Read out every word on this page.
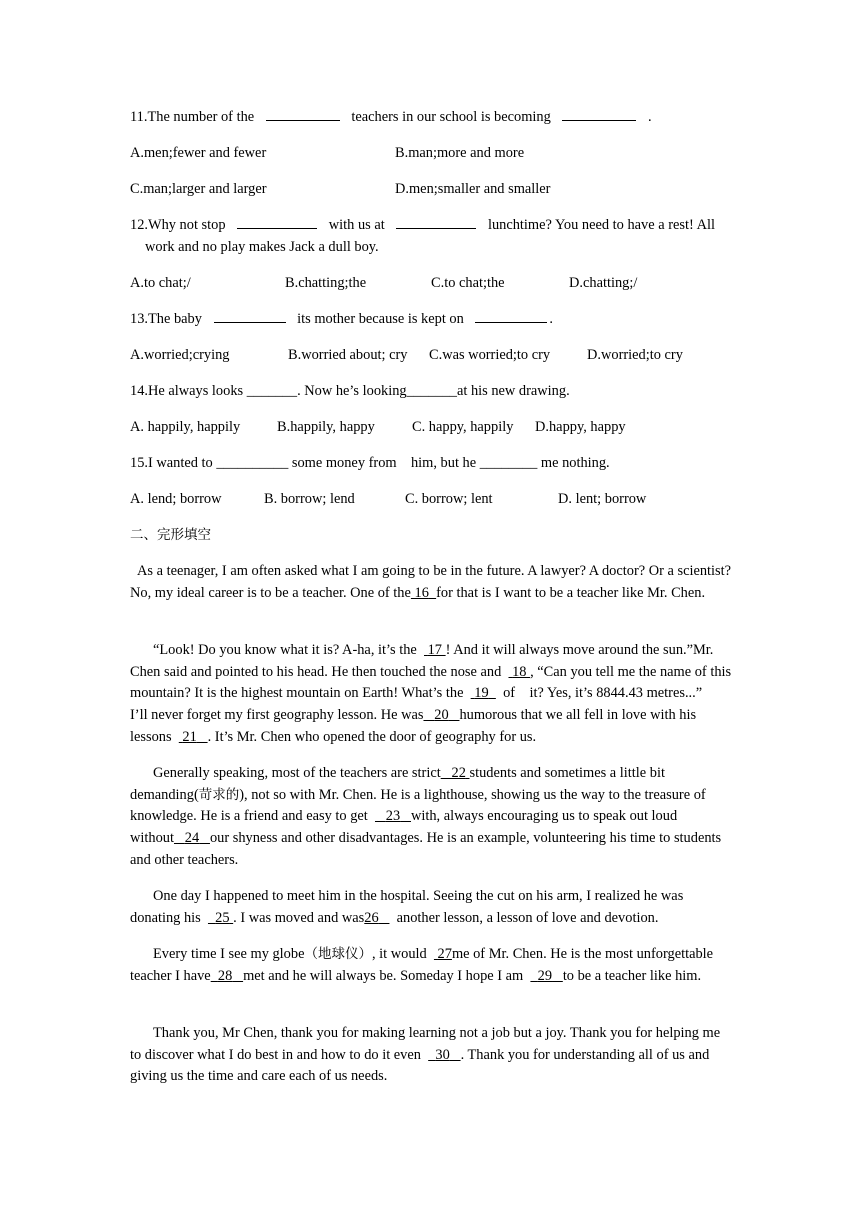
11.The number of the	teachers in our school is becoming	.
A.men;fewer and fewer	B.man;more and more
C.man;larger and larger	D.men;smaller and smaller
12.Why not stop	with us at	lunchtime? You need to have a rest! All
work and no play makes Jack a dull boy.
A.to chat;/	B.chatting;the	C.to chat;the	D.chatting;/
13.The baby	its mother because is kept on	.
A.worried;crying	B.worried about; cry C.was worried;to cry	D.worried;to cry
14.He always looks _______. Now he’s looking_______at his new drawing.
A. happily, happily	B.happily, happy	C. happy, happily D.happy, happy
15.I wanted to __________ some money from    him, but he ________ me nothing.
A. lend; borrow	B. borrow; lend	C. borrow; lent	D. lent; borrow
二、完形填空
As a teenager, I am often asked what I am going to be in the future. A lawyer? A doctor? Or a scientist? No, my ideal career is to be a teacher. One of the 16 for that is I want to be a teacher like Mr. Chen.
“Look! Do you know what it is? A-ha, it’s the 17 ! And it will always move around the sun.”Mr. Chen said and pointed to his head. He then touched the nose and 18 , “Can you tell me the name of this mountain? It is the highest mountain on Earth! What’s the 19 of    it? Yes, it’s 8844.43 metres...”    I’ll never forget my first geography lesson. He was 20 humorous that we all fell in love with his lessons 21 . It’s Mr. Chen who opened the door of geography for us.
Generally speaking, most of the teachers are strict 22 students and sometimes a little bit demanding(苛求的), not so with Mr. Chen. He is a lighthouse, showing us the way to the treasure of knowledge. He is a friend and easy to get 23 with, always encouraging us to speak out loud without 24 our shyness and other disadvantages. He is an example, volunteering his time to students and other teachers.
One day I happened to meet him in the hospital. Seeing the cut on his arm, I realized he was donating his 25 . I was moved and was26 another lesson, a lesson of love and devotion.
Every time I see my globe（地球仪）, it would 27me of Mr. Chen. He is the most unforgettable teacher I have 28 met and he will always be. Someday I hope I am 29 to be a teacher like him.
Thank you, Mr Chen, thank you for making learning not a job but a joy. Thank you for helping me to discover what I do best in and how to do it even 30 . Thank you for understanding all of us and giving us the time and care each of us needs.
